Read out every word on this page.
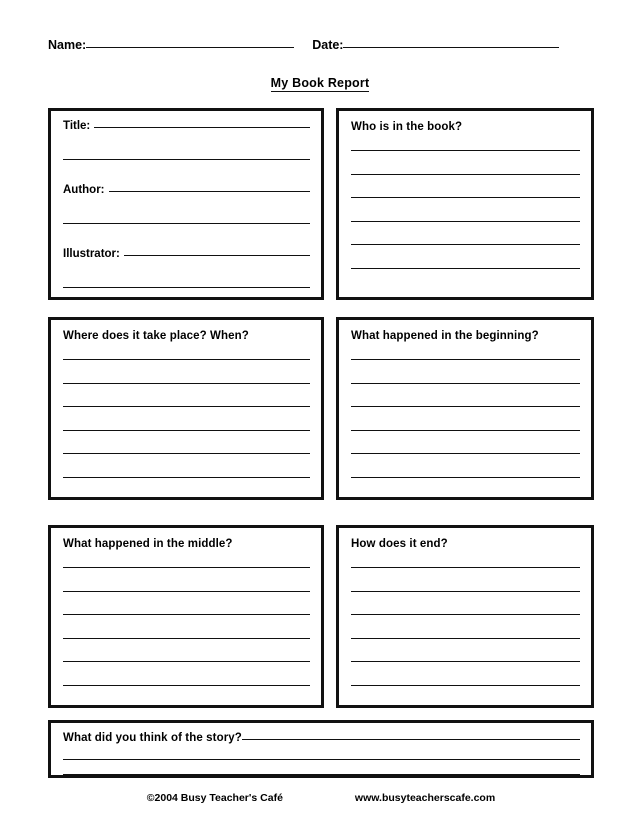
Name:	Date:
My Book Report
Title:
Author:
Illustrator:

Who is in the book?

Where does it take place? When?	What happened in the beginning?

What happened in the middle?	How does it end?

What did you think of the story?
©2004 Busy Teacher's Café	www.busyteacherscafe.com
